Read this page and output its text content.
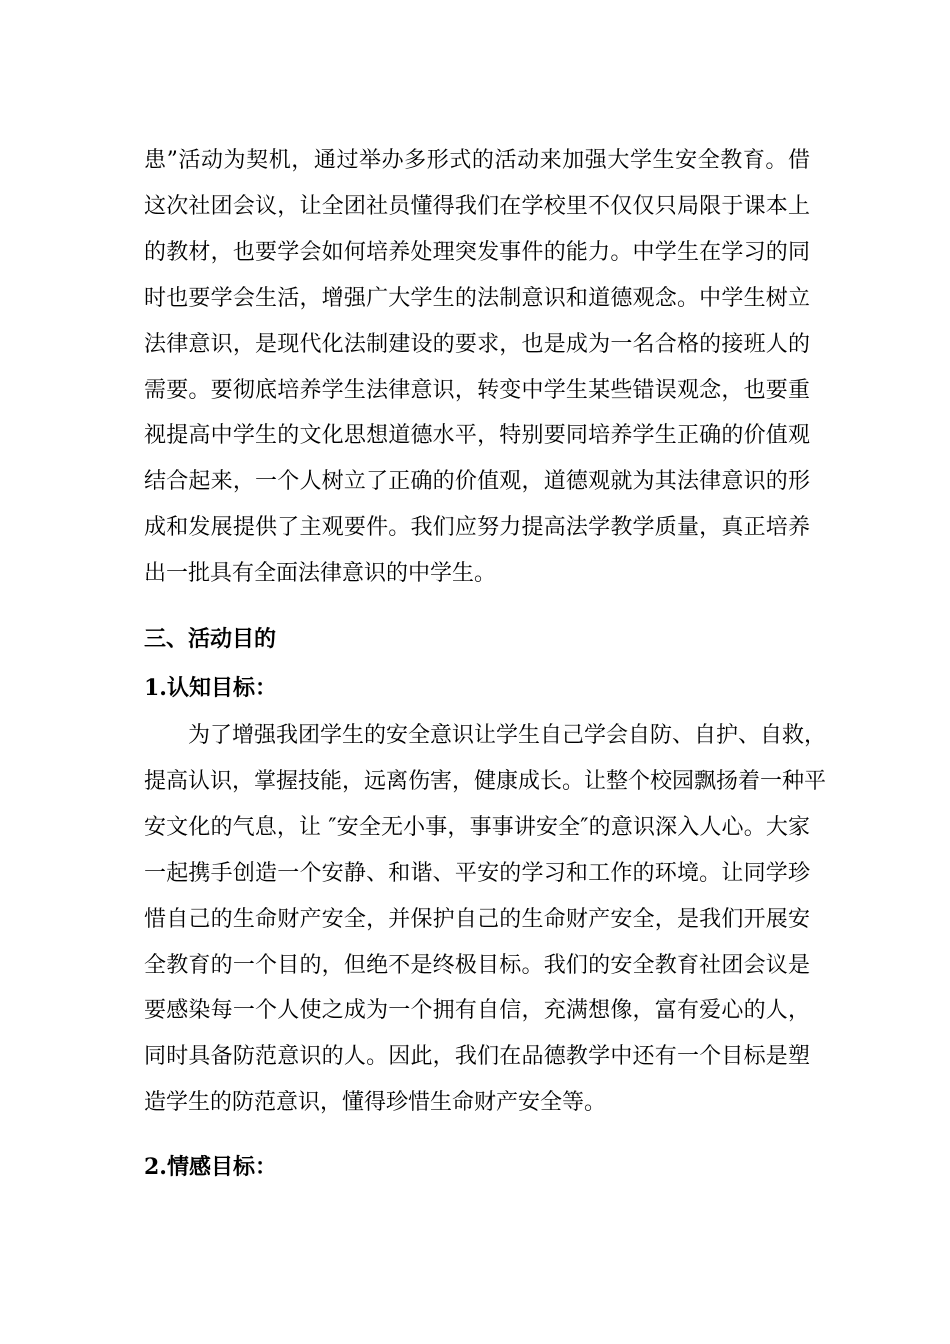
患”活动为契机，通过举办多形式的活动来加强大学生安全教育。借
这次社团会议，让全团社员懂得我们在学校里不仅仅只局限于课本上
的教材，也要学会如何培养处理突发事件的能力。中学生在学习的同
时也要学会生活，增强广大学生的法制意识和道德观念。中学生树立
法律意识，是现代化法制建设的要求，也是成为一名合格的接班人的
需要。要彻底培养学生法律意识，转变中学生某些错误观念，也要重
视提高中学生的文化思想道德水平，特别要同培养学生正确的价值观
结合起来，一个人树立了正确的价值观，道德观就为其法律意识的形
成和发展提供了主观要件。我们应努力提高法学教学质量，真正培养
出一批具有全面法律意识的中学生。
三、活动目的
1.认知目标：
为了增强我团学生的安全意识让学生自己学会自防、自护、自救，
提高认识，掌握技能，远离伤害，健康成长。让整个校园飘扬着一种平
安文化的气息，让 ″安全无小事，事事讲安全″的意识深入人心。大家
一起携手创造一个安静、和谐、平安的学习和工作的环境。让同学珍
惜自己的生命财产安全，并保护自己的生命财产安全，是我们开展安
全教育的一个目的，但绝不是终极目标。我们的安全教育社团会议是
要感染每一个人使之成为一个拥有自信，充满想像，富有爱心的人，
同时具备防范意识的人。因此，我们在品德教学中还有一个目标是塑
造学生的防范意识，懂得珍惜生命财产安全等。
2.情感目标：
